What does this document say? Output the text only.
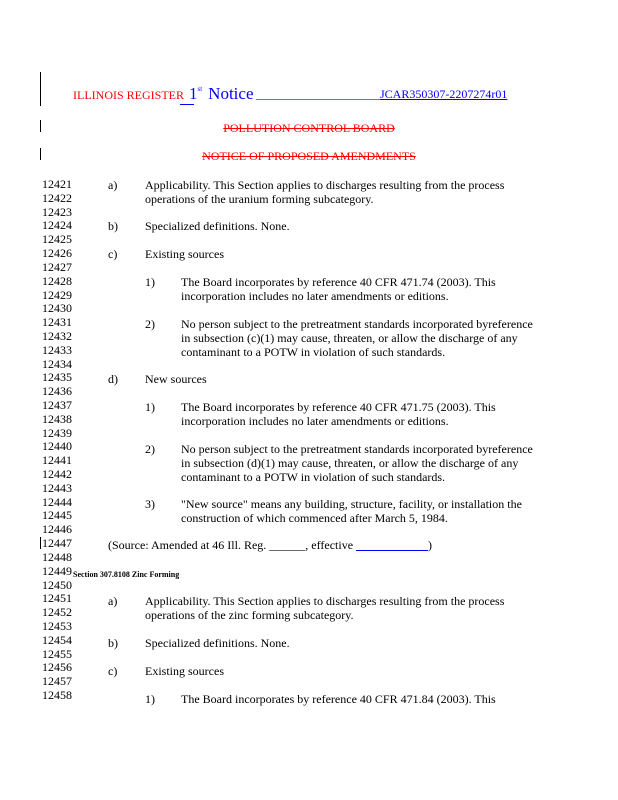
ILLINOIS REGISTER 1st Notice ________________________
JCAR350307-2207274r01
POLLUTION CONTROL BOARD
NOTICE OF PROPOSED AMENDMENTS
12421
12422
12423
12424
12425
12426
12427
12428
12429
12430
12431
12432
12433
12434
12435
12436
12437
12438
12439
12440
12441
12442
12443
12444
12445
12446
12447
12448
12449
12450
12451
12452
12453
12454
12455
12456
12457
12458
a) Applicability. This Section applies to discharges resulting from the process
operations of the uranium forming subcategory.
b) Specialized definitions. None.
c) Existing sources
1) The Board incorporates by reference 40 CFR 471.74 (2003). This
incorporation includes no later amendments or editions.
2) No person subject to the pretreatment standards incorporated byreference
in subsection (c)(1) may cause, threaten, or allow the discharge of any
contaminant to a POTW in violation of such standards.
d) New sources
1) The Board incorporates by reference 40 CFR 471.75 (2003). This
incorporation includes no later amendments or editions.
2) No person subject to the pretreatment standards incorporated byreference
in subsection (d)(1) may cause, threaten, or allow the discharge of any
contaminant to a POTW in violation of such standards.
3) "New source" means any building, structure, facility, or installation the
construction of which commenced after March 5, 1984.
(Source: Amended at 46 Ill. Reg. ______, effective ____________)
Section 307.8108 Zinc Forming
a) Applicability. This Section applies to discharges resulting from the process
operations of the zinc forming subcategory.
b) Specialized definitions. None.
c) Existing sources
1) The Board incorporates by reference 40 CFR 471.84 (2003). This
